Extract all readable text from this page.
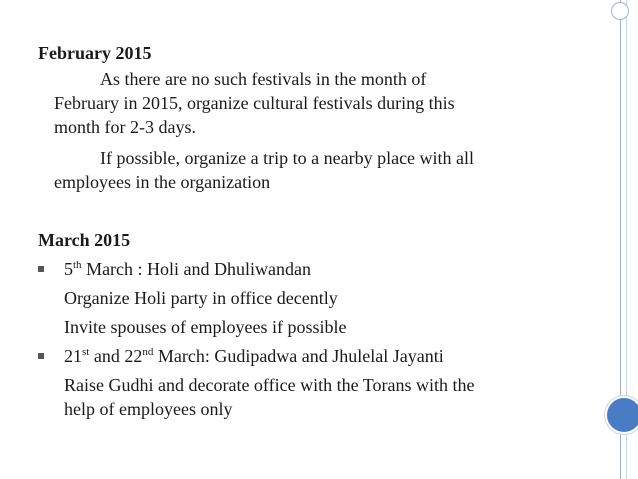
February 2015

As there are no such festivals in the month of
February in 2015, organize cultural festivals during this
month for 2-3 days.

If possible, organize a trip to a nearby place with all
employees in the organization

March 2015

5th March : Holi and Dhuliwandan

Organize Holi party in office decently

Invite spouses of employees if possible

21st and 22nd March: Gudipadwa and Jhulelal Jayanti

Raise Gudhi and decorate office with the Torans with the
help of employees only
